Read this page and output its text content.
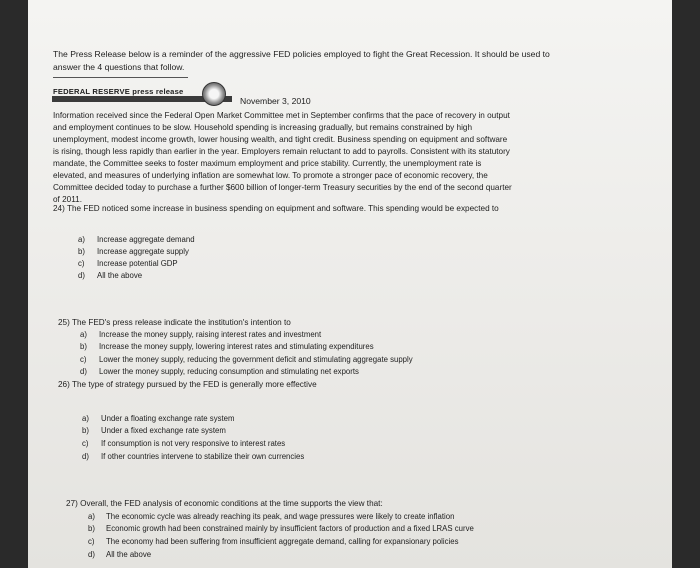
The Press Release below is a reminder of the aggressive FED policies employed to fight the Great Recession. It should be used to
answer the 4 questions that follow.
FEDERAL RESERVE press release
November 3, 2010
Information received since the Federal Open Market Committee met in September confirms that the pace of recovery in output
and employment continues to be slow. Household spending is increasing gradually, but remains constrained by high
unemployment, modest income growth, lower housing wealth, and tight credit. Business spending on equipment and software
is rising, though less rapidly than earlier in the year. Employers remain reluctant to add to payrolls. Consistent with its statutory
mandate, the Committee seeks to foster maximum employment and price stability. Currently, the unemployment rate is
elevated, and measures of underlying inflation are somewhat low. To promote a stronger pace of economic recovery, the
Committee decided today to purchase a further $600 billion of longer-term Treasury securities by the end of the second quarter
of 2011.
24) The FED noticed some increase in business spending on equipment and software. This spending would be expected to
a) Increase aggregate demand
b) Increase aggregate supply
c) Increase potential GDP
d) All the above
25) The FED's press release indicate the institution's intention to
a) Increase the money supply, raising interest rates and investment
b) Increase the money supply, lowering interest rates and stimulating expenditures
c) Lower the money supply, reducing the government deficit and stimulating aggregate supply
d) Lower the money supply, reducing consumption and stimulating net exports
26) The type of strategy pursued by the FED is generally more effective
a) Under a floating exchange rate system
b) Under a fixed exchange rate system
c) If consumption is not very responsive to interest rates
d) If other countries intervene to stabilize their own currencies
27) Overall, the FED analysis of economic conditions at the time supports the view that:
a) The economic cycle was already reaching its peak, and wage pressures were likely to create inflation
b) Economic growth had been constrained mainly by insufficient factors of production and a fixed LRAS curve
c) The economy had been suffering from insufficient aggregate demand, calling for expansionary policies
d) All the above
